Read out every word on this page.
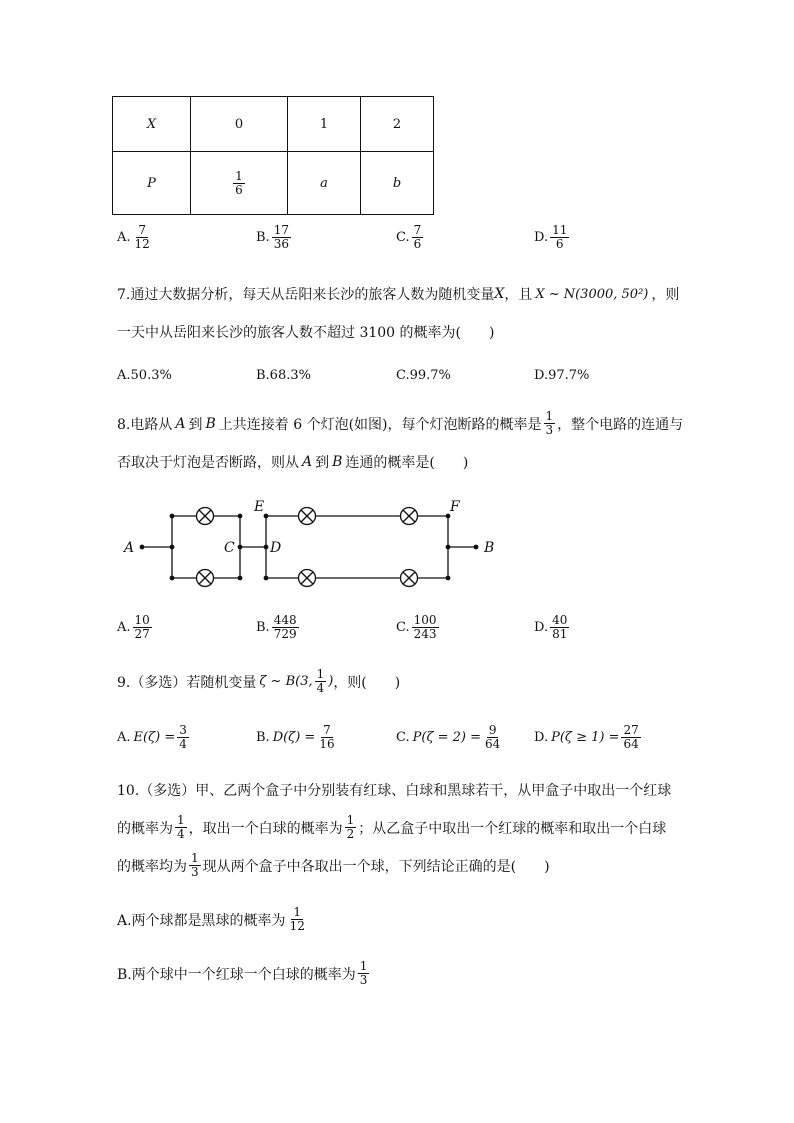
X	0	1	2
P	$\frac{1}{6}$	a	b
A. $\frac{7}{12}$	B. $\frac{17}{36}$	C. $\frac{7}{6}$	D. $\frac{11}{6}$
7.通过大数据分析，每天从岳阳来长沙的旅客人数为随机变量 X ，且 X ~ N(3000, 50²) ，则
一天中从岳阳来长沙的旅客人数不超过 3100 的概率为(　　)
A.50.3%	B.68.3%	C.99.7%	D.97.7%
8.电路从 A 到 B 上共连接着 6 个灯泡(如图)，每个灯泡断路的概率是 $\frac{1}{3}$ ，整个电路的连通与
否取决于灯泡是否断路，则从 A 到 B 连通的概率是(　　)
A	C	D
E	F
B
A. $\frac{10}{27}$	B. $\frac{448}{729}$	C. $\frac{100}{243}$	D. $\frac{40}{81}$
9.（多选）若随机变量 ζ ~ B(3, $\frac{1}{4}$ ) ，则(　　)
A. $E(\zeta) = \frac{3}{4}$	B. $D(\zeta) = \frac{7}{16}$	C. $P(\zeta = 2) = \frac{9}{64} D$. $P(\zeta \ge 1) = \frac{27}{64}$
10.（多选）甲、乙两个盒子中分别装有红球、白球和黑球若干，从甲盒子中取出一个红球
的概率为 $\frac{1}{4}$ ，取出一个白球的概率为 $\frac{1}{2}$ ；从乙盒子中取出一个红球的概率和取出一个白球
的概率均为 $\frac{1}{3}$ 现从两个盒子中各取出一个球，下列结论正确的是(　　)
A.两个球都是黑球的概率为 $\frac{1}{12}$
B.两个球中一个红球一个白球的概率为 $\frac{1}{3}$
